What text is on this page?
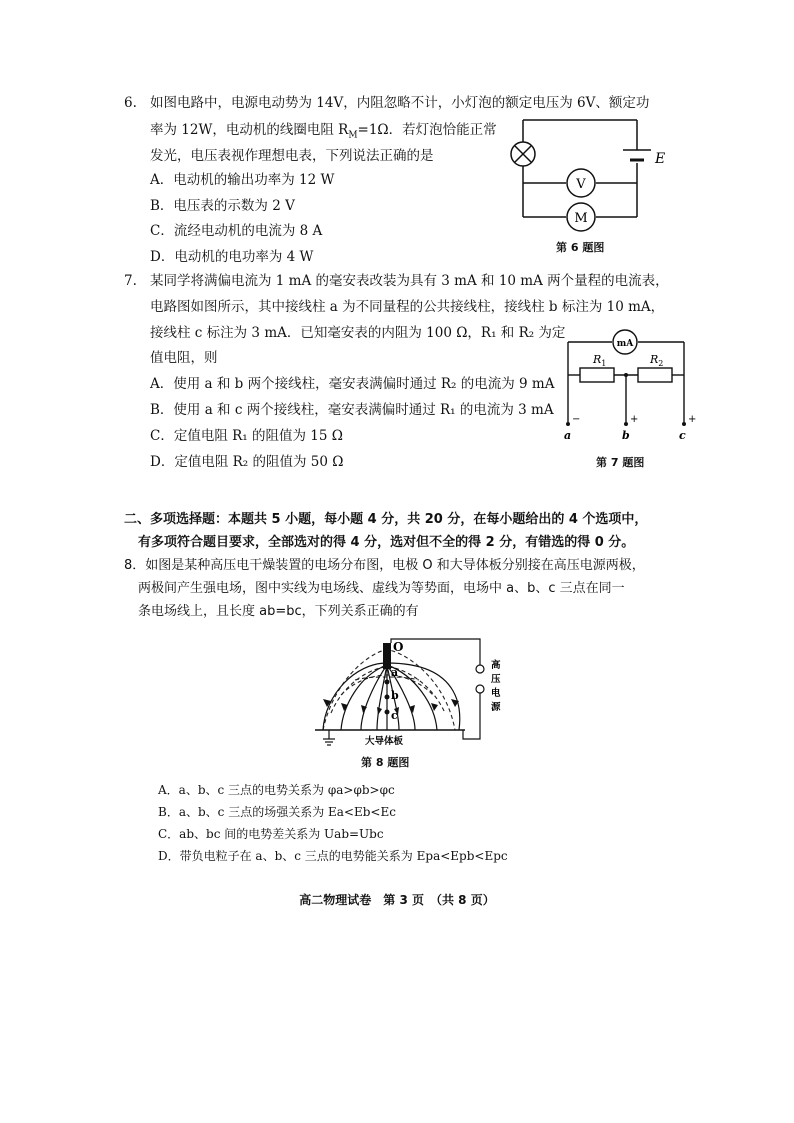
6. 如图电路中，电源电动势为 14V，内阻忽略不计，小灯泡的额定电压为 6V、额定功
率为 12W，电动机的线圈电阻 $R_M=1\Omega$．若灯泡恰能正常
发光，电压表视作理想电表，下列说法正确的是
A．电动机的输出功率为 12 W
B．电压表的示数为 2 V
C．流经电动机的电流为 8 A
D．电动机的电功率为 4 W
E
V
M
第 6 题图
7. 某同学将满偏电流为 1 mA 的毫安表改装为具有 3 mA 和 10 mA 两个量程的电流表，
电路图如图所示，其中接线柱 a 为不同量程的公共接线柱，接线柱 b 标注为 10 mA，
接线柱 c 标注为 3 mA．已知毫安表的内阻为 100 Ω，R₁ 和 R₂ 为定
值电阻，则
A．使用 a 和 b 两个接线柱，毫安表满偏时通过 R₂ 的电流为 9 mA
B．使用 a 和 c 两个接线柱，毫安表满偏时通过 R₁ 的电流为 3 mA
C．定值电阻 R₁ 的阻值为 15 Ω
D．定值电阻 R₂ 的阻值为 50 Ω
mA
$R_1$	$R_2$
−	+	+
a	b	c
第 7 题图
二、多项选择题：本题共 5 小题，每小题 4 分，共 20 分，在每小题给出的 4 个选项中，
有多项符合题目要求，全部选对的得 4 分，选对但不全的得 2 分，有错选的得 0 分。
8．如图是某种高压电干燥装置的电场分布图，电极 O 和大导体板分别接在高压电源两极，
两极间产生强电场，图中实线为电场线、虚线为等势面，电场中 a、b、c 三点在同一
条电场线上，且长度 ab=bc，下列关系正确的有
O
a
b
c
高
压
电
源
大导体板
第 8 题图
A．a、b、c 三点的电势关系为 φa>φb>φc
B．a、b、c 三点的场强关系为 Ea<Eb<Ec
C．ab、bc 间的电势差关系为 Uab=Ubc
D．带负电粒子在 a、b、c 三点的电势能关系为 Epa<Epb<Epc
高二物理试卷　第 3 页　（共 8 页）
